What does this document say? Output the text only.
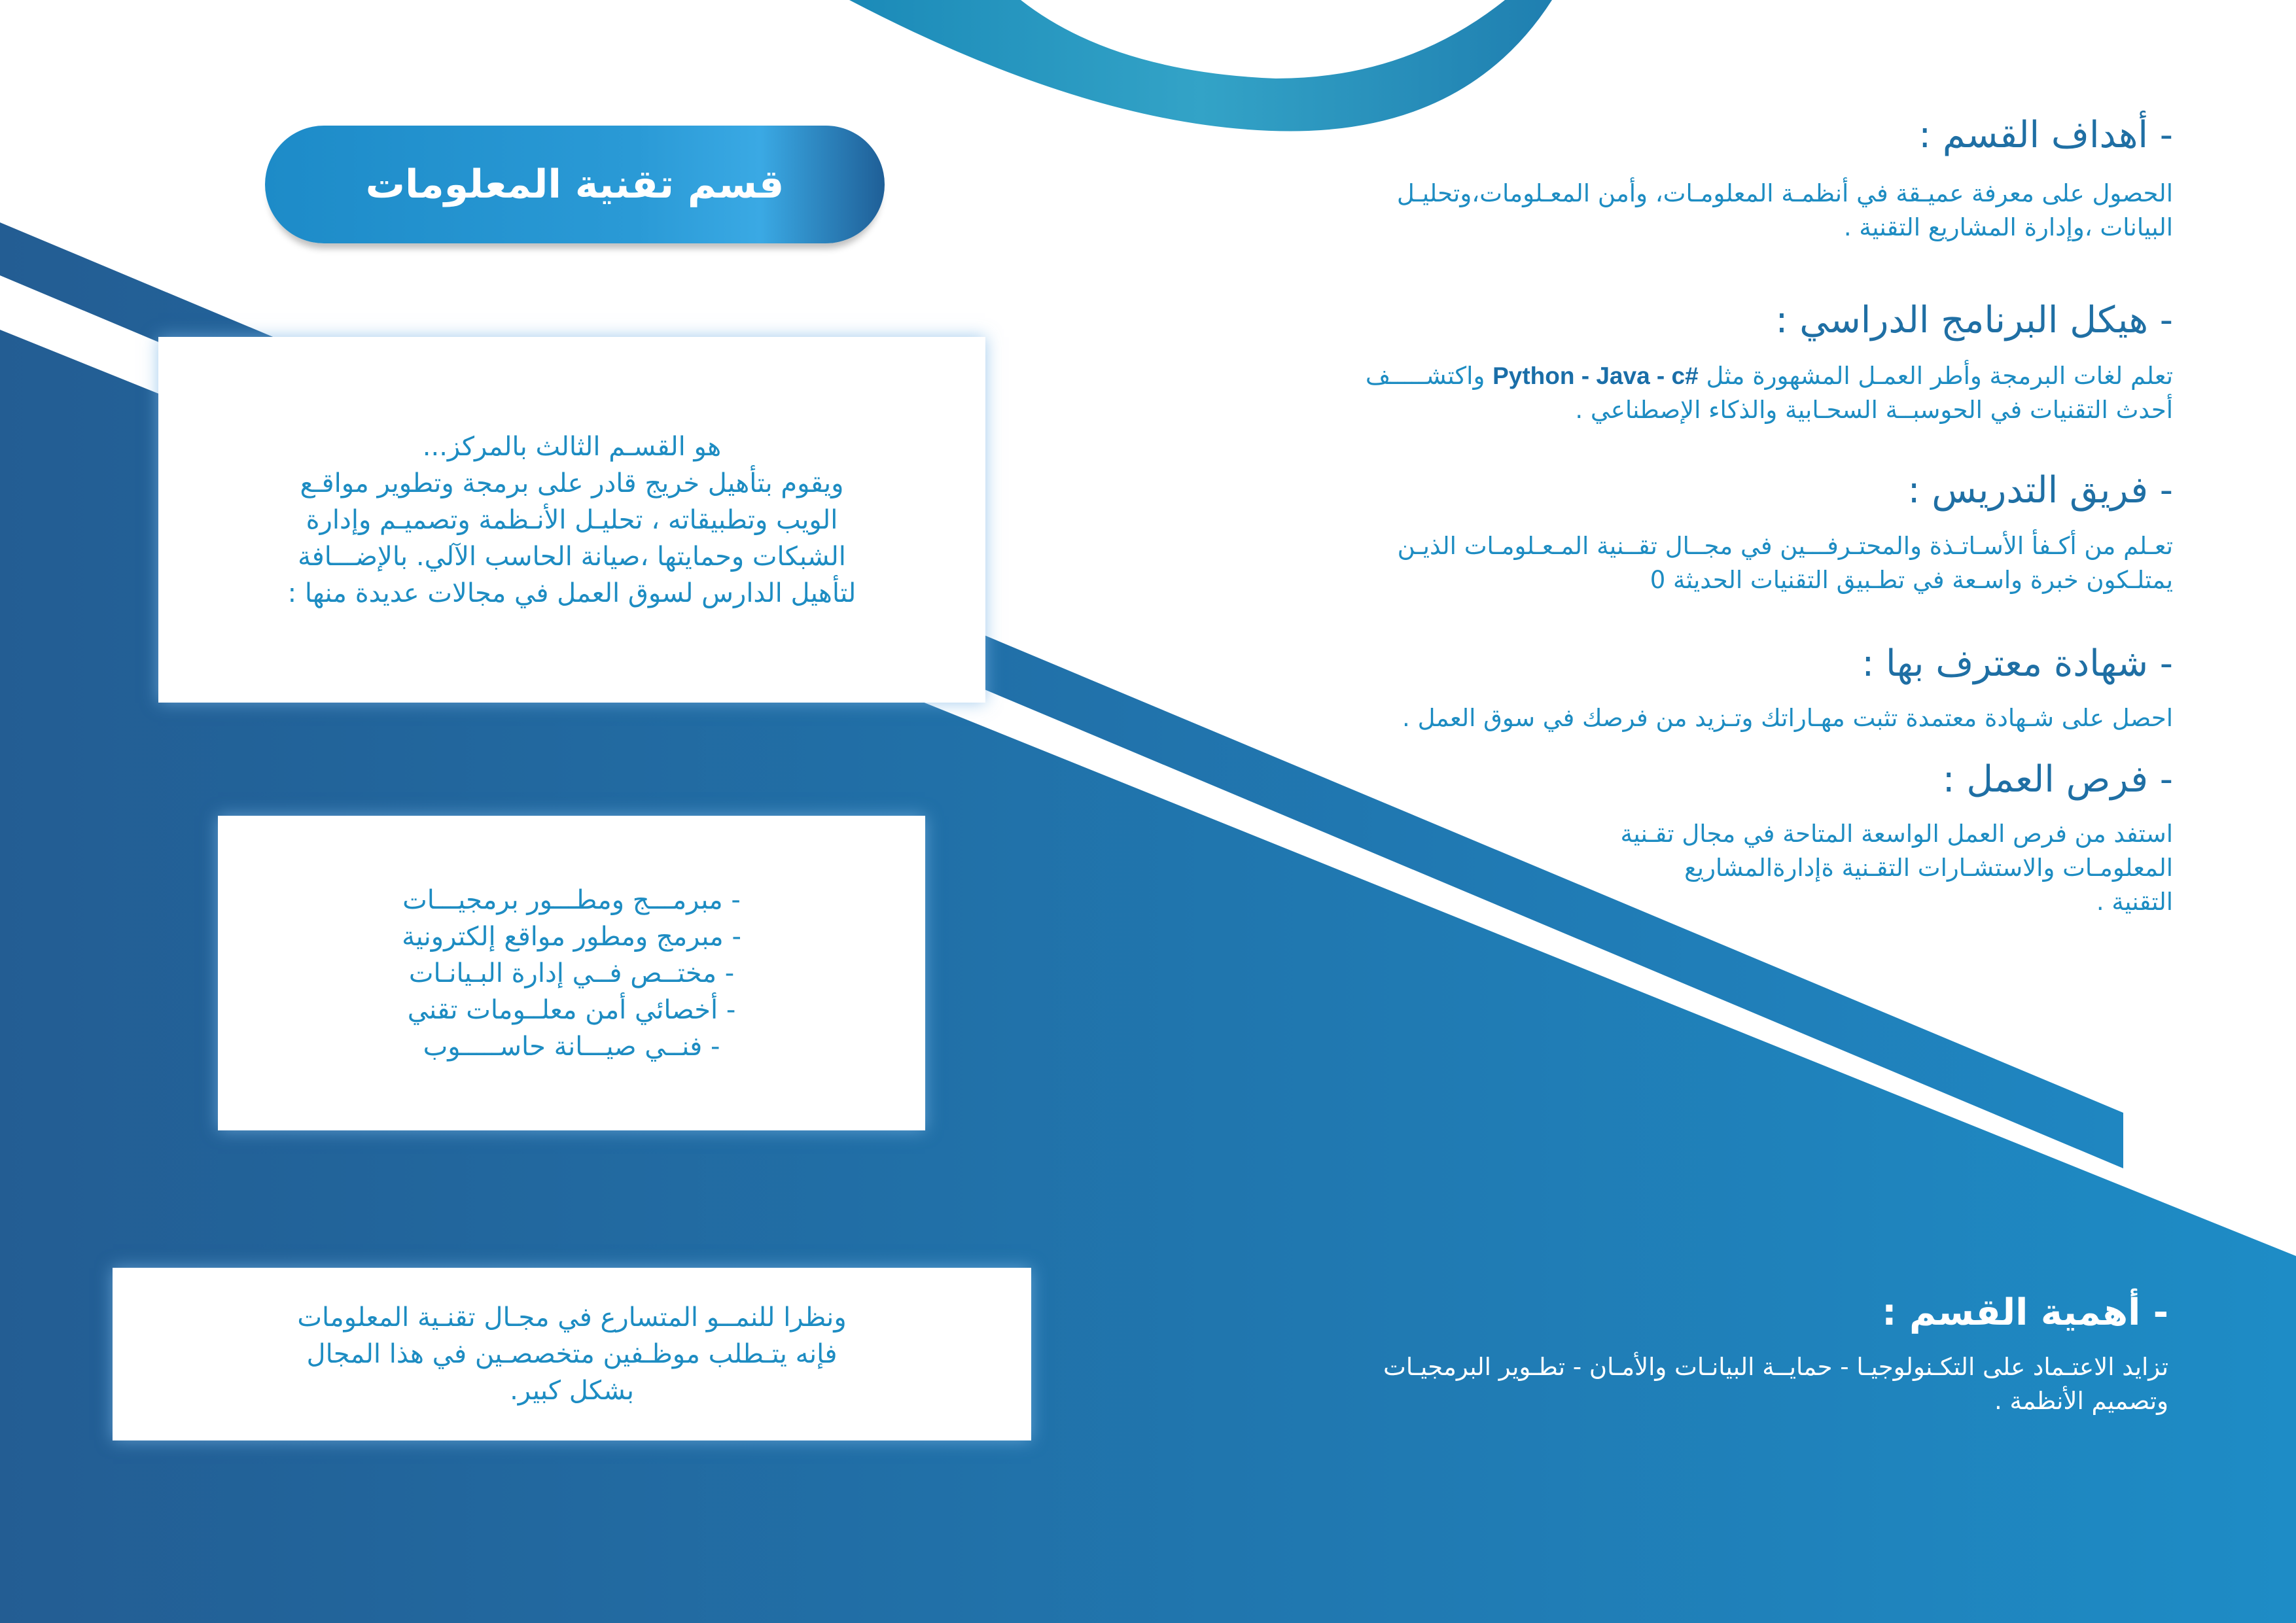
قسم تقنية المعلومات
هو القسـم الثالث بالمركز...
ويقوم بتأهيل خريج قادر على برمجة وتطوير مواقـع
الويب وتطبيقاته ، تحليـل الأنـظمة وتصميـم وإدارة
الشبكات وحمايتها ،صيانة الحاسب الآلي. بالإضـــافة
لتأهيل الدارس لسوق العمل في مجالات عديدة منها :
- مبرمـــج ومطـــور برمجيـــات
- مبرمج ومطور مواقع إلكترونية
- مختــص فــي إدارة البـيانـات
- أخصائي أمن معلــومات تقني
- فنــي صيـــانة حاســـــوب
ونظرا للنمــو المتسارع في مجـال تقنـية المعلومات
فإنه يتـطلب موظـفين متخصصـين في هذا المجال
بشكل كبير.
- أهداف القسم :

الحصول على معرفة عميـقة في أنظمـة المعلومـات، وأمن المعـلومات،وتحليـل
البيانات ،وإدارة المشاريع التقنية .

- هيكل البرنامج الدراسي :

تعلم لغات البرمجة وأطر العمـل المشهورة مثل #Python - Java - c واكتشـــــف
أحدث التقنيات في الحوسبــة السحـابية والذكاء الإصطناعي .

- فريق التدريس :

تعـلم من أكـفأ الأسـاتـذة والمحتـرفـــين في مجــال تقــنية المـعـلومـات الذيـن
يمتلـكون خبرة واسـعة في تطـبيق التقنيات الحديثة 0

- شهادة معترف بها :

احصل على شـهادة معتمدة تثبت مهـاراتك وتـزيد من فرصك في سوق العمل .

- فرص العمل :

استفد من فرص العمل الواسعة المتاحة في مجال تقـنية
المعلومـات والاستشـارات التقـنية ةإدارةالمشاريع
التقنية .

- أهمية القسم :

تزايد الاعتـماد على التكـنولوجيـا - حمايــة البيانـات والأمـان - تطـوير البرمجيـات
وتصميم الأنظمة .
